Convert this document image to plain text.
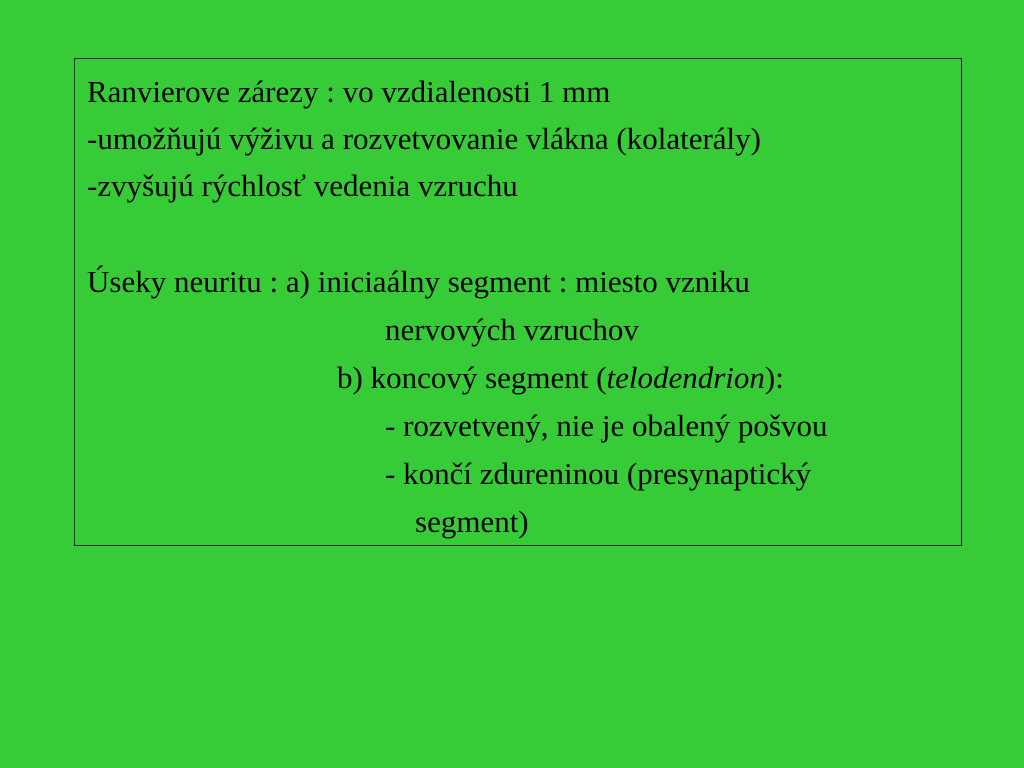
Ranvierove zárezy : vo vzdialenosti 1 mm
-umožňujú výživu a rozvetvovanie vlákna (kolaterály)
-zvyšujú rýchlosť vedenia vzruchu
Úseky neuritu : a) iniciaálny segment : miesto vzniku
nervových vzruchov
b) koncový segment (telodendrion):
- rozvetvený, nie je obalený pošvou
- končí zdureninou (presynaptický
segment)
